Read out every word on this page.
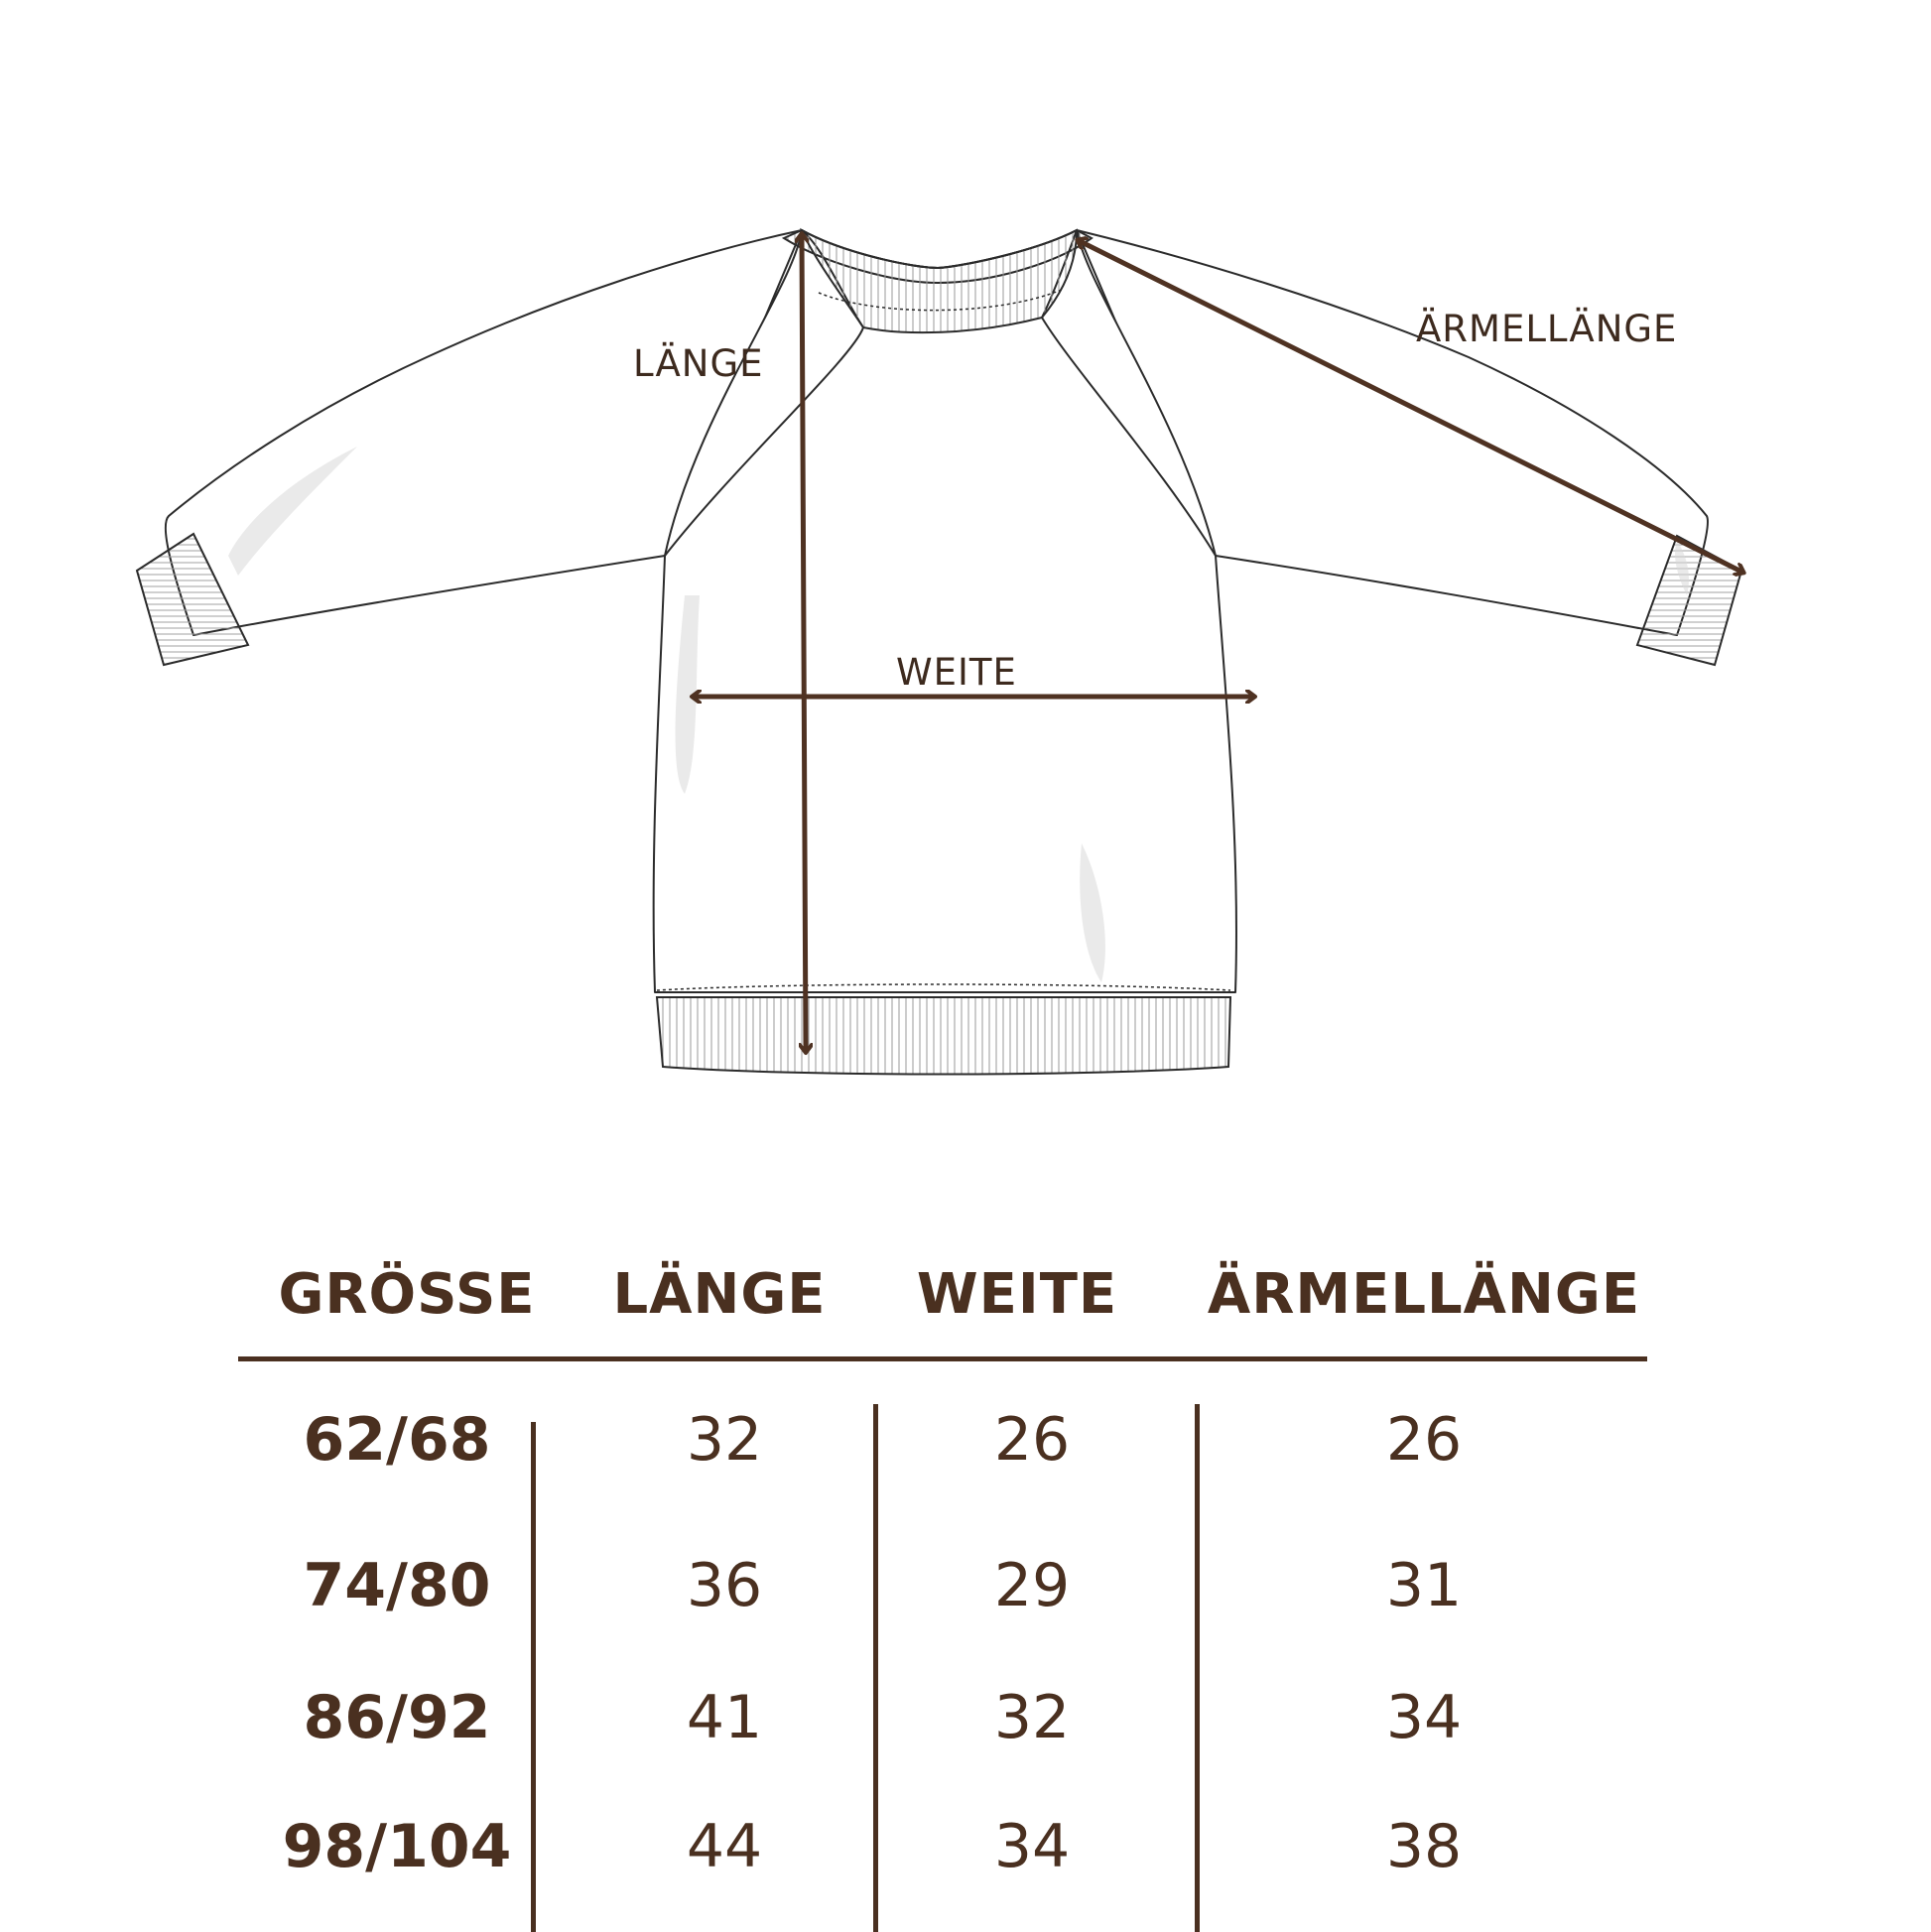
LÄNGE
WEITE
ÄRMELLÄNGE
GRÖSSE	LÄNGE	WEITE	ÄRMELLÄNGE
62/68	32	26	26
74/80	36	29	31
86/92	41	32	34
98/104	44	34	38
